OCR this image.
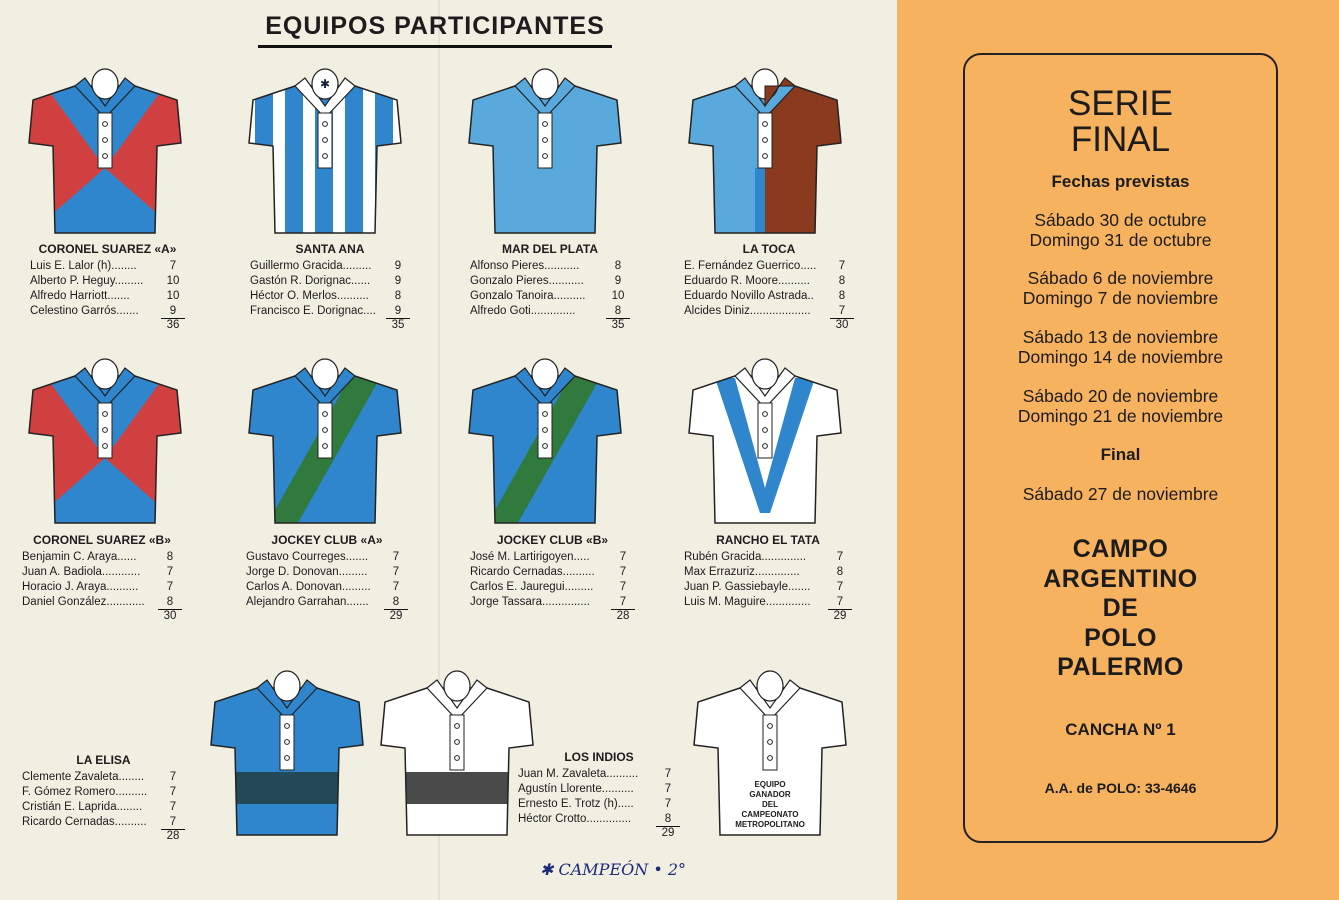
EQUIPOS PARTICIPANTES
✱
EQUIPO
GANADOR
DEL
CAMPEONATO
METROPOLITANO
CORONEL SUAREZ «A»
Luis E. Lalor (h)........	7
Alberto P. Heguy.........	10
Alfredo Harriott.......	10
Celestino Garrós.......	9
36
SANTA ANA
Guillermo Gracida.........	9
Gastón R. Dorignac......	9
Héctor O. Merlos..........	8
Francisco E. Dorignac....	9
35
MAR DEL PLATA
Alfonso Pieres...........	8
Gonzalo Pieres...........	9
Gonzalo Tanoira..........	10
Alfredo Goti..............	8
35
LA TOCA
E. Fernández Guerrico.....	7
Eduardo R. Moore..........	8
Eduardo Novillo Astrada..	8
Alcides Diniz...................	7
30
CORONEL SUAREZ «B»
Benjamin C. Araya......	8
Juan A. Badiola............	7
Horacio J. Araya..........	7
Daniel González............	8
30
JOCKEY CLUB «A»
Gustavo Courreges.......	7
Jorge D. Donovan.........	7
Carlos A. Donovan.........	7
Alejandro Garrahan.......	8
29
JOCKEY CLUB «B»
José M. Lartirigoyen.....	7
Ricardo Cernadas..........	7
Carlos E. Jauregui.........	7
Jorge Tassara...............	7
28
RANCHO EL TATA
Rubén Gracida..............	7
Max Errazuriz..............	8
Juan P. Gassiebayle.......	7
Luis M. Maguire..............	7
29
LA ELISA
Clemente Zavaleta........	7
F. Gómez Romero..........	7
Cristián E. Laprida........	7
Ricardo Cernadas..........	7
28
LOS INDIOS
Juan M. Zavaleta..........	7
Agustín Llorente..........	7
Ernesto E. Trotz (h).....	7
Héctor Crotto..............	8
29
✱ CAMPEÓN • 2°
SERIE
FINAL
Fechas previstas
Sábado 30 de octubre
Domingo 31 de octubre
Sábado 6 de noviembre
Domingo 7 de noviembre
Sábado 13 de noviembre
Domingo 14 de noviembre
Sábado 20 de noviembre
Domingo 21 de noviembre
Final
Sábado 27 de noviembre
CAMPO
ARGENTINO
DE
POLO
PALERMO
CANCHA Nº 1
A.A. de POLO: 33-4646
